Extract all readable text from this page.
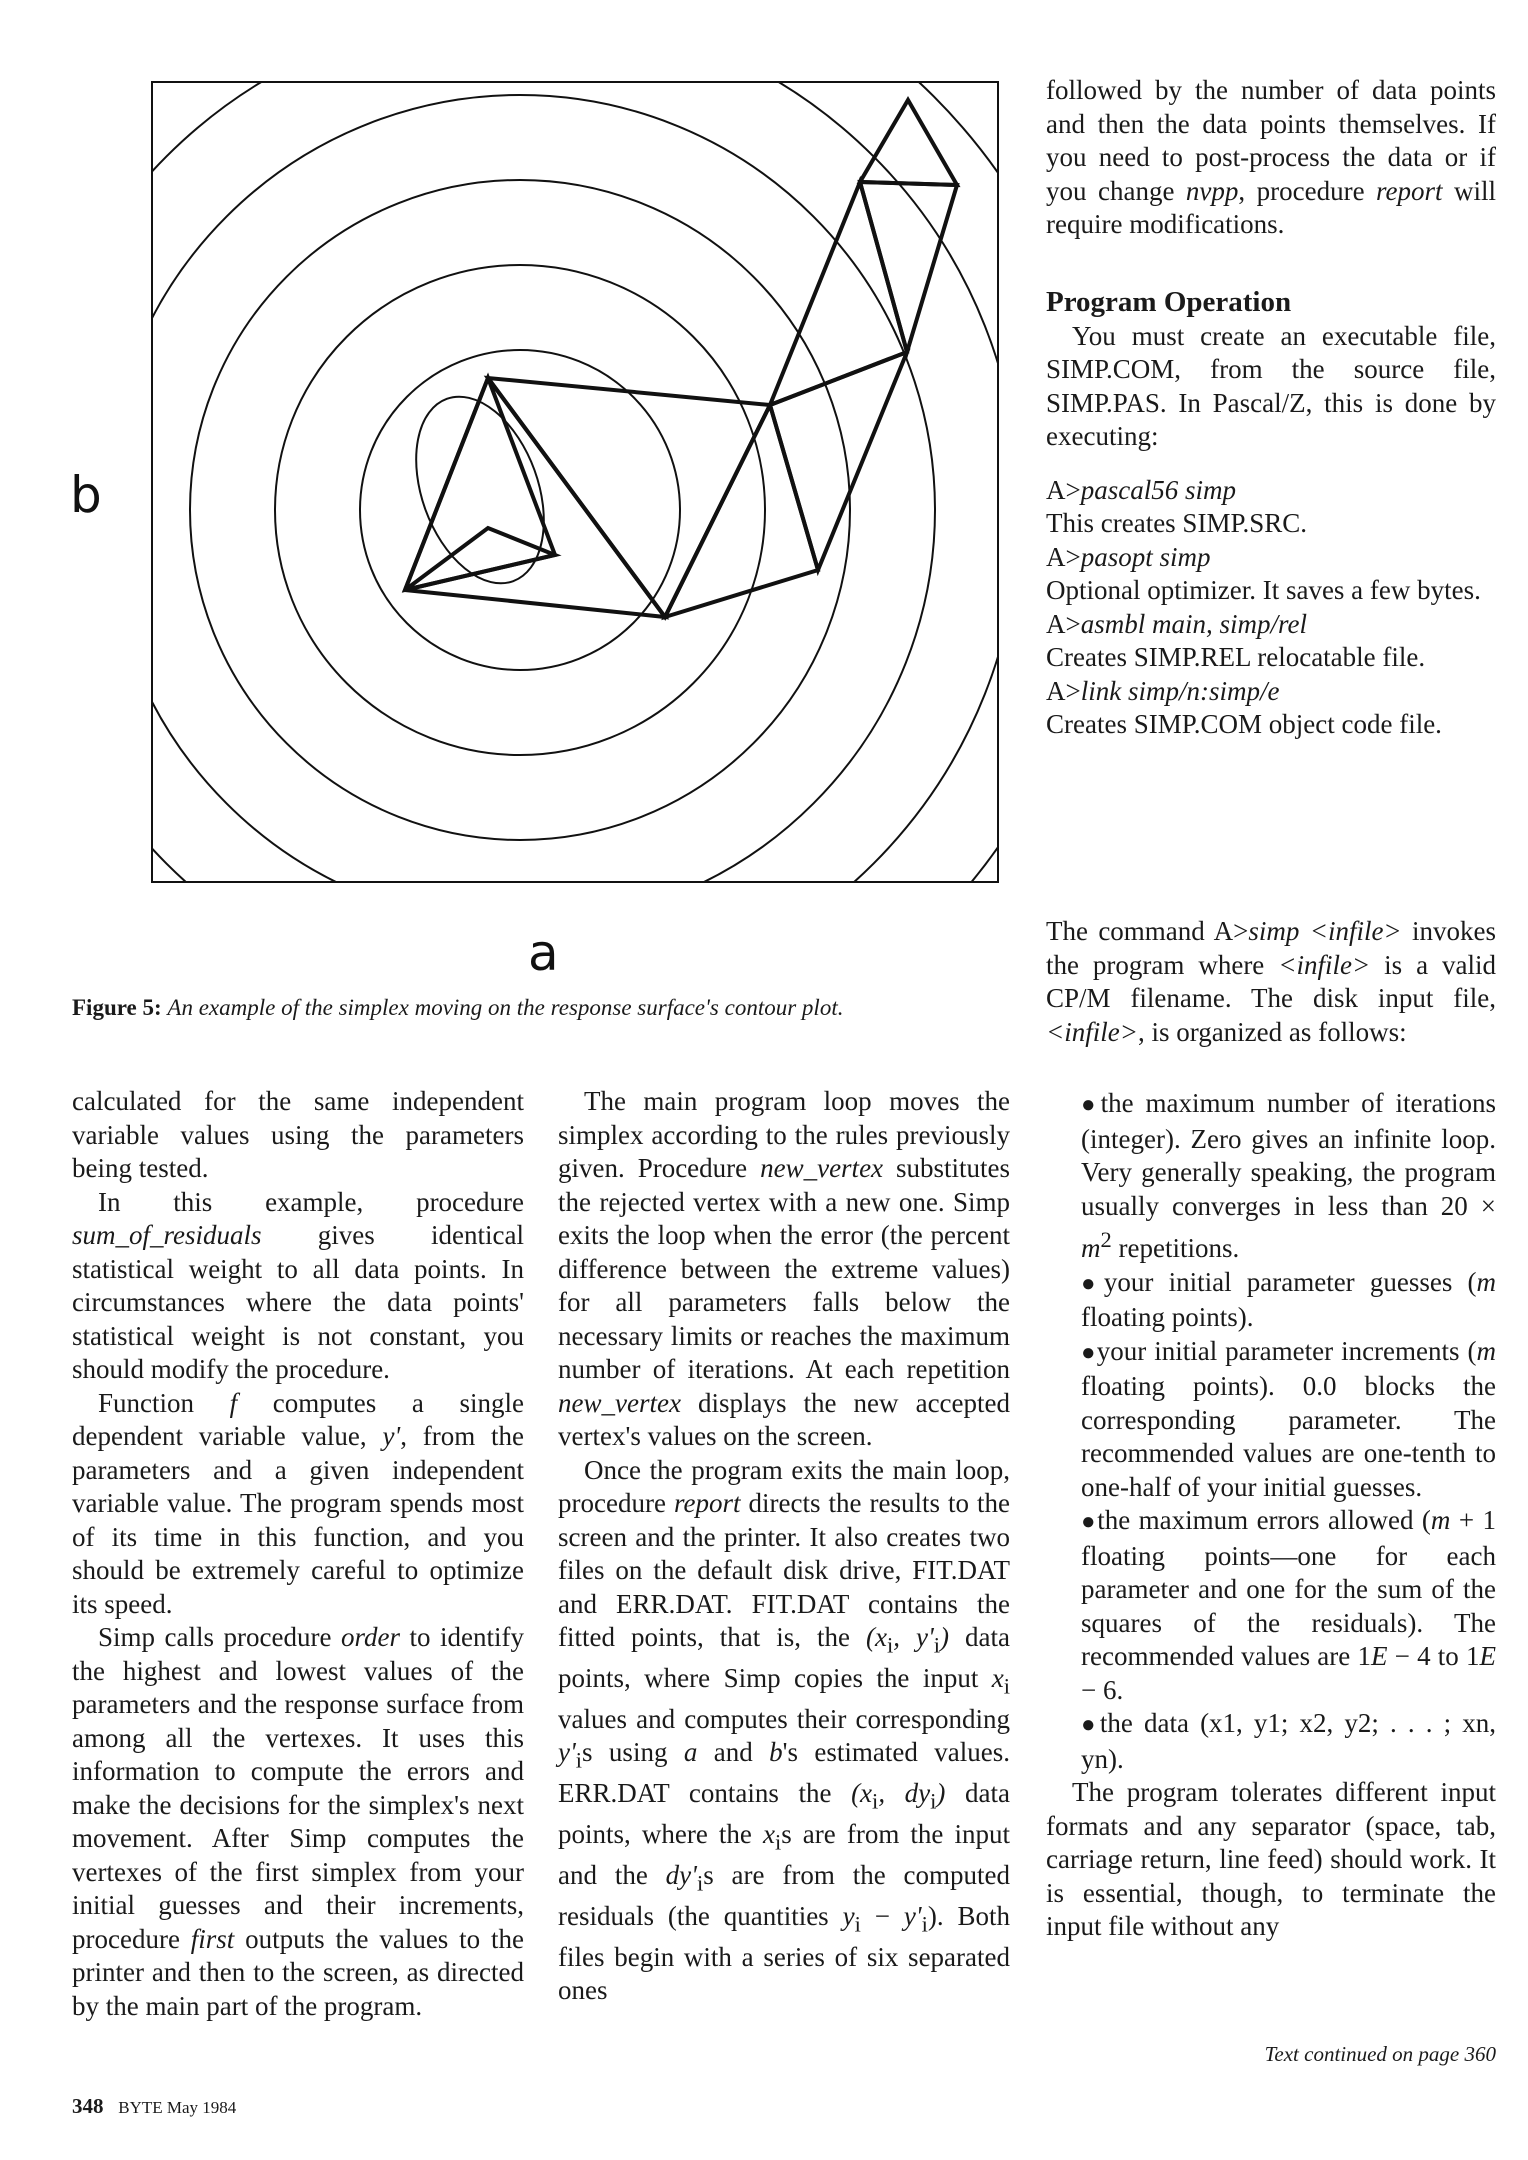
b
a
Figure 5: An example of the simplex moving on the response surface's contour plot.

calculated for the same independent variable values using the parameters being tested.

In this example, procedure sum_of_residuals gives identical statistical weight to all data points. In circumstances where the data points' statistical weight is not constant, you should modify the procedure.

Function f computes a single dependent variable value, y', from the parameters and a given independent variable value. The program spends most of its time in this function, and you should be extremely careful to optimize its speed.

Simp calls procedure order to identify the highest and lowest values of the parameters and the response surface from among all the vertexes. It uses this information to compute the errors and make the decisions for the simplex's next movement. After Simp computes the vertexes of the first simplex from your initial guesses and their increments, procedure first outputs the values to the printer and then to the screen, as directed by the main part of the program.

The main program loop moves the simplex according to the rules previously given. Procedure new_vertex substitutes the rejected vertex with a new one. Simp exits the loop when the error (the percent difference between the extreme values) for all parameters falls below the necessary limits or reaches the maximum number of iterations. At each repetition new_vertex displays the new accepted vertex's values on the screen.

Once the program exits the main loop, procedure report directs the results to the screen and the printer. It also creates two files on the default disk drive, FIT.DAT and ERR.DAT. FIT.DAT contains the fitted points, that is, the ($x_i$, $y'_i$) data points, where Simp copies the input $x_i$ values and computes their corresponding $y'_is$ using a and b's estimated values. ERR.DAT contains the ($x_i$, $dy_i$) data points, where the $x_is$ are from the input and the $dy'_is$ are from the computed residuals (the quantities $y_i - y'_i$). Both files begin with a series of six separated ones

followed by the number of data points and then the data points themselves. If you need to post-process the data or if you change nvpp, procedure report will require modifications.

Program Operation

You must create an executable file, SIMP.COM, from the source file, SIMP.PAS. In Pascal/Z, this is done by executing:

A>pascal56 simp

This creates SIMP.SRC.

A>pasopt simp

Optional optimizer. It saves a few bytes.

A>asmbl main, simp/rel

Creates SIMP.REL relocatable file.

A>link simp/n:simp/e

Creates SIMP.COM object code file.

The command A>simp <infile> invokes the program where <infile> is a valid CP/M filename. The disk input file, <infile>, is organized as follows:

●the maximum number of iterations (integer). Zero gives an infinite loop. Very generally speaking, the program usually converges in less than $20 \times m^2$ repetitions.

●your initial parameter guesses (m floating points).

●your initial parameter increments (m floating points). 0.0 blocks the corresponding parameter. The recommended values are one-tenth to one-half of your initial guesses.

●the maximum errors allowed (m + 1 floating points—one for each parameter and one for the sum of the squares of the residuals). The recommended values are 1E − 4 to 1E − 6.

●the data (x1, y1; x2, y2; . . . ; xn, yn).

The program tolerates different input formats and any separator (space, tab, carriage return, line feed) should work. It is essential, though, to terminate the input file without any

Text continued on page 360
348 BYTE May 1984
